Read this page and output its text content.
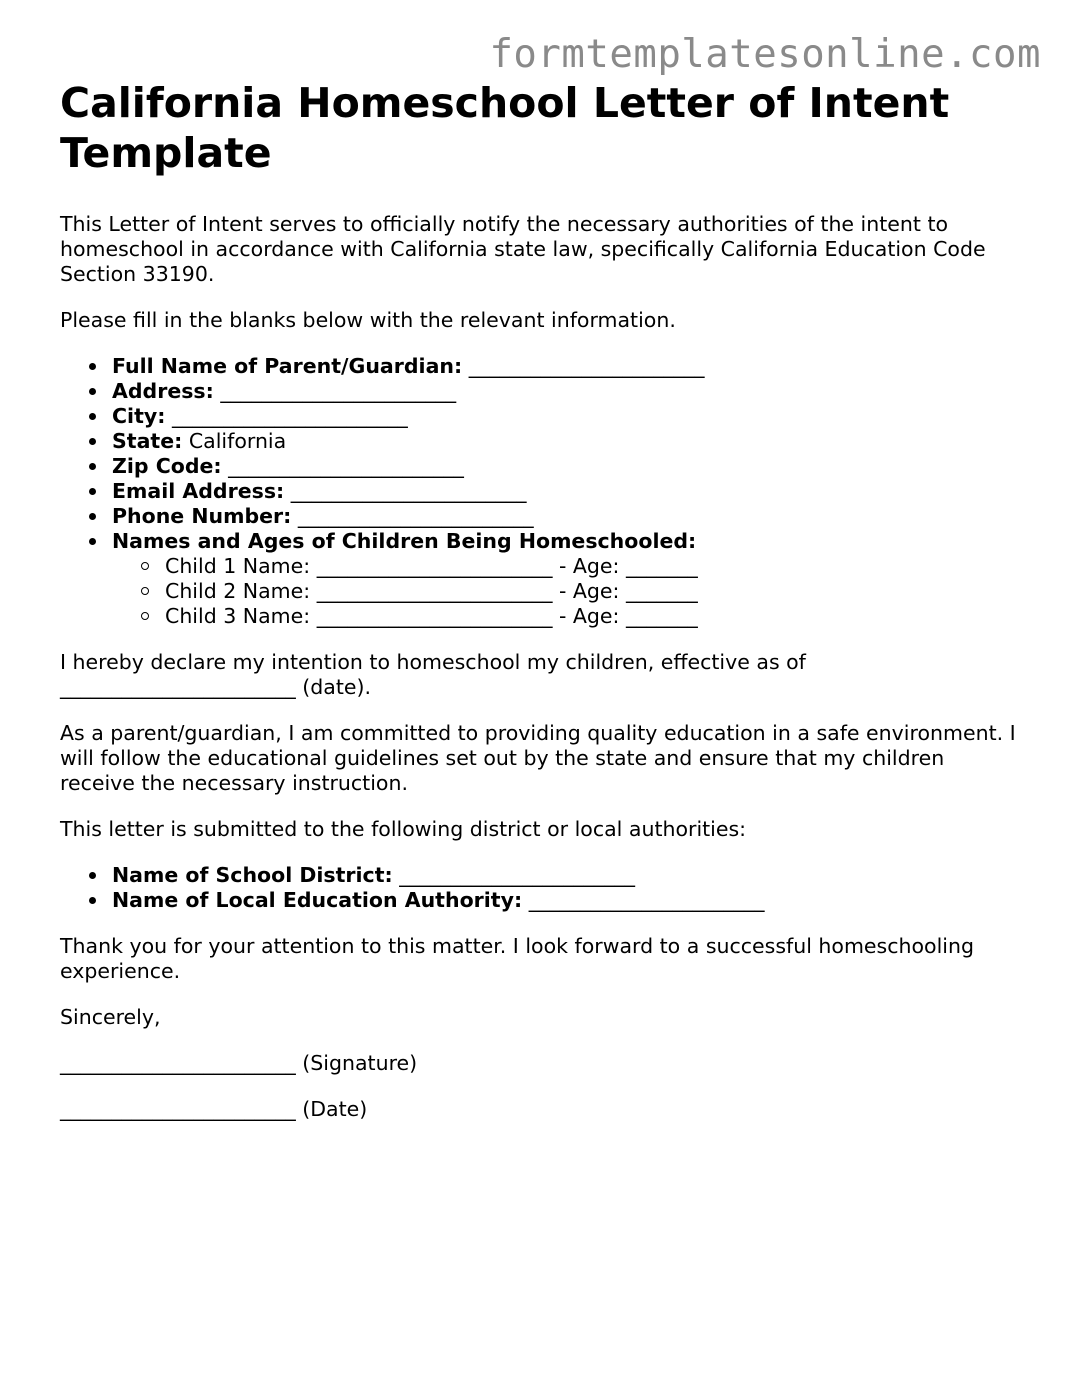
formtemplatesonline.com
California Homeschool Letter of Intent Template

This Letter of Intent serves to officially notify the necessary authorities of the intent to homeschool in accordance with California state law, specifically California Education Code Section 33190.

Please fill in the blanks below with the relevant information.

Full Name of Parent/Guardian: _______________________
Address: _______________________
City: _______________________
State: California
Zip Code: _______________________
Email Address: _______________________
Phone Number: _______________________
Names and Ages of Children Being Homeschooled:
Child 1 Name: _______________________ - Age: _______
Child 2 Name: _______________________ - Age: _______
Child 3 Name: _______________________ - Age: _______

I hereby declare my intention to homeschool my children, effective as of _______________________ (date).

As a parent/guardian, I am committed to providing quality education in a safe environment. I will follow the educational guidelines set out by the state and ensure that my children receive the necessary instruction.

This letter is submitted to the following district or local authorities:

Name of School District: _______________________
Name of Local Education Authority: _______________________

Thank you for your attention to this matter. I look forward to a successful homeschooling experience.

Sincerely,

_______________________ (Signature)

_______________________ (Date)
